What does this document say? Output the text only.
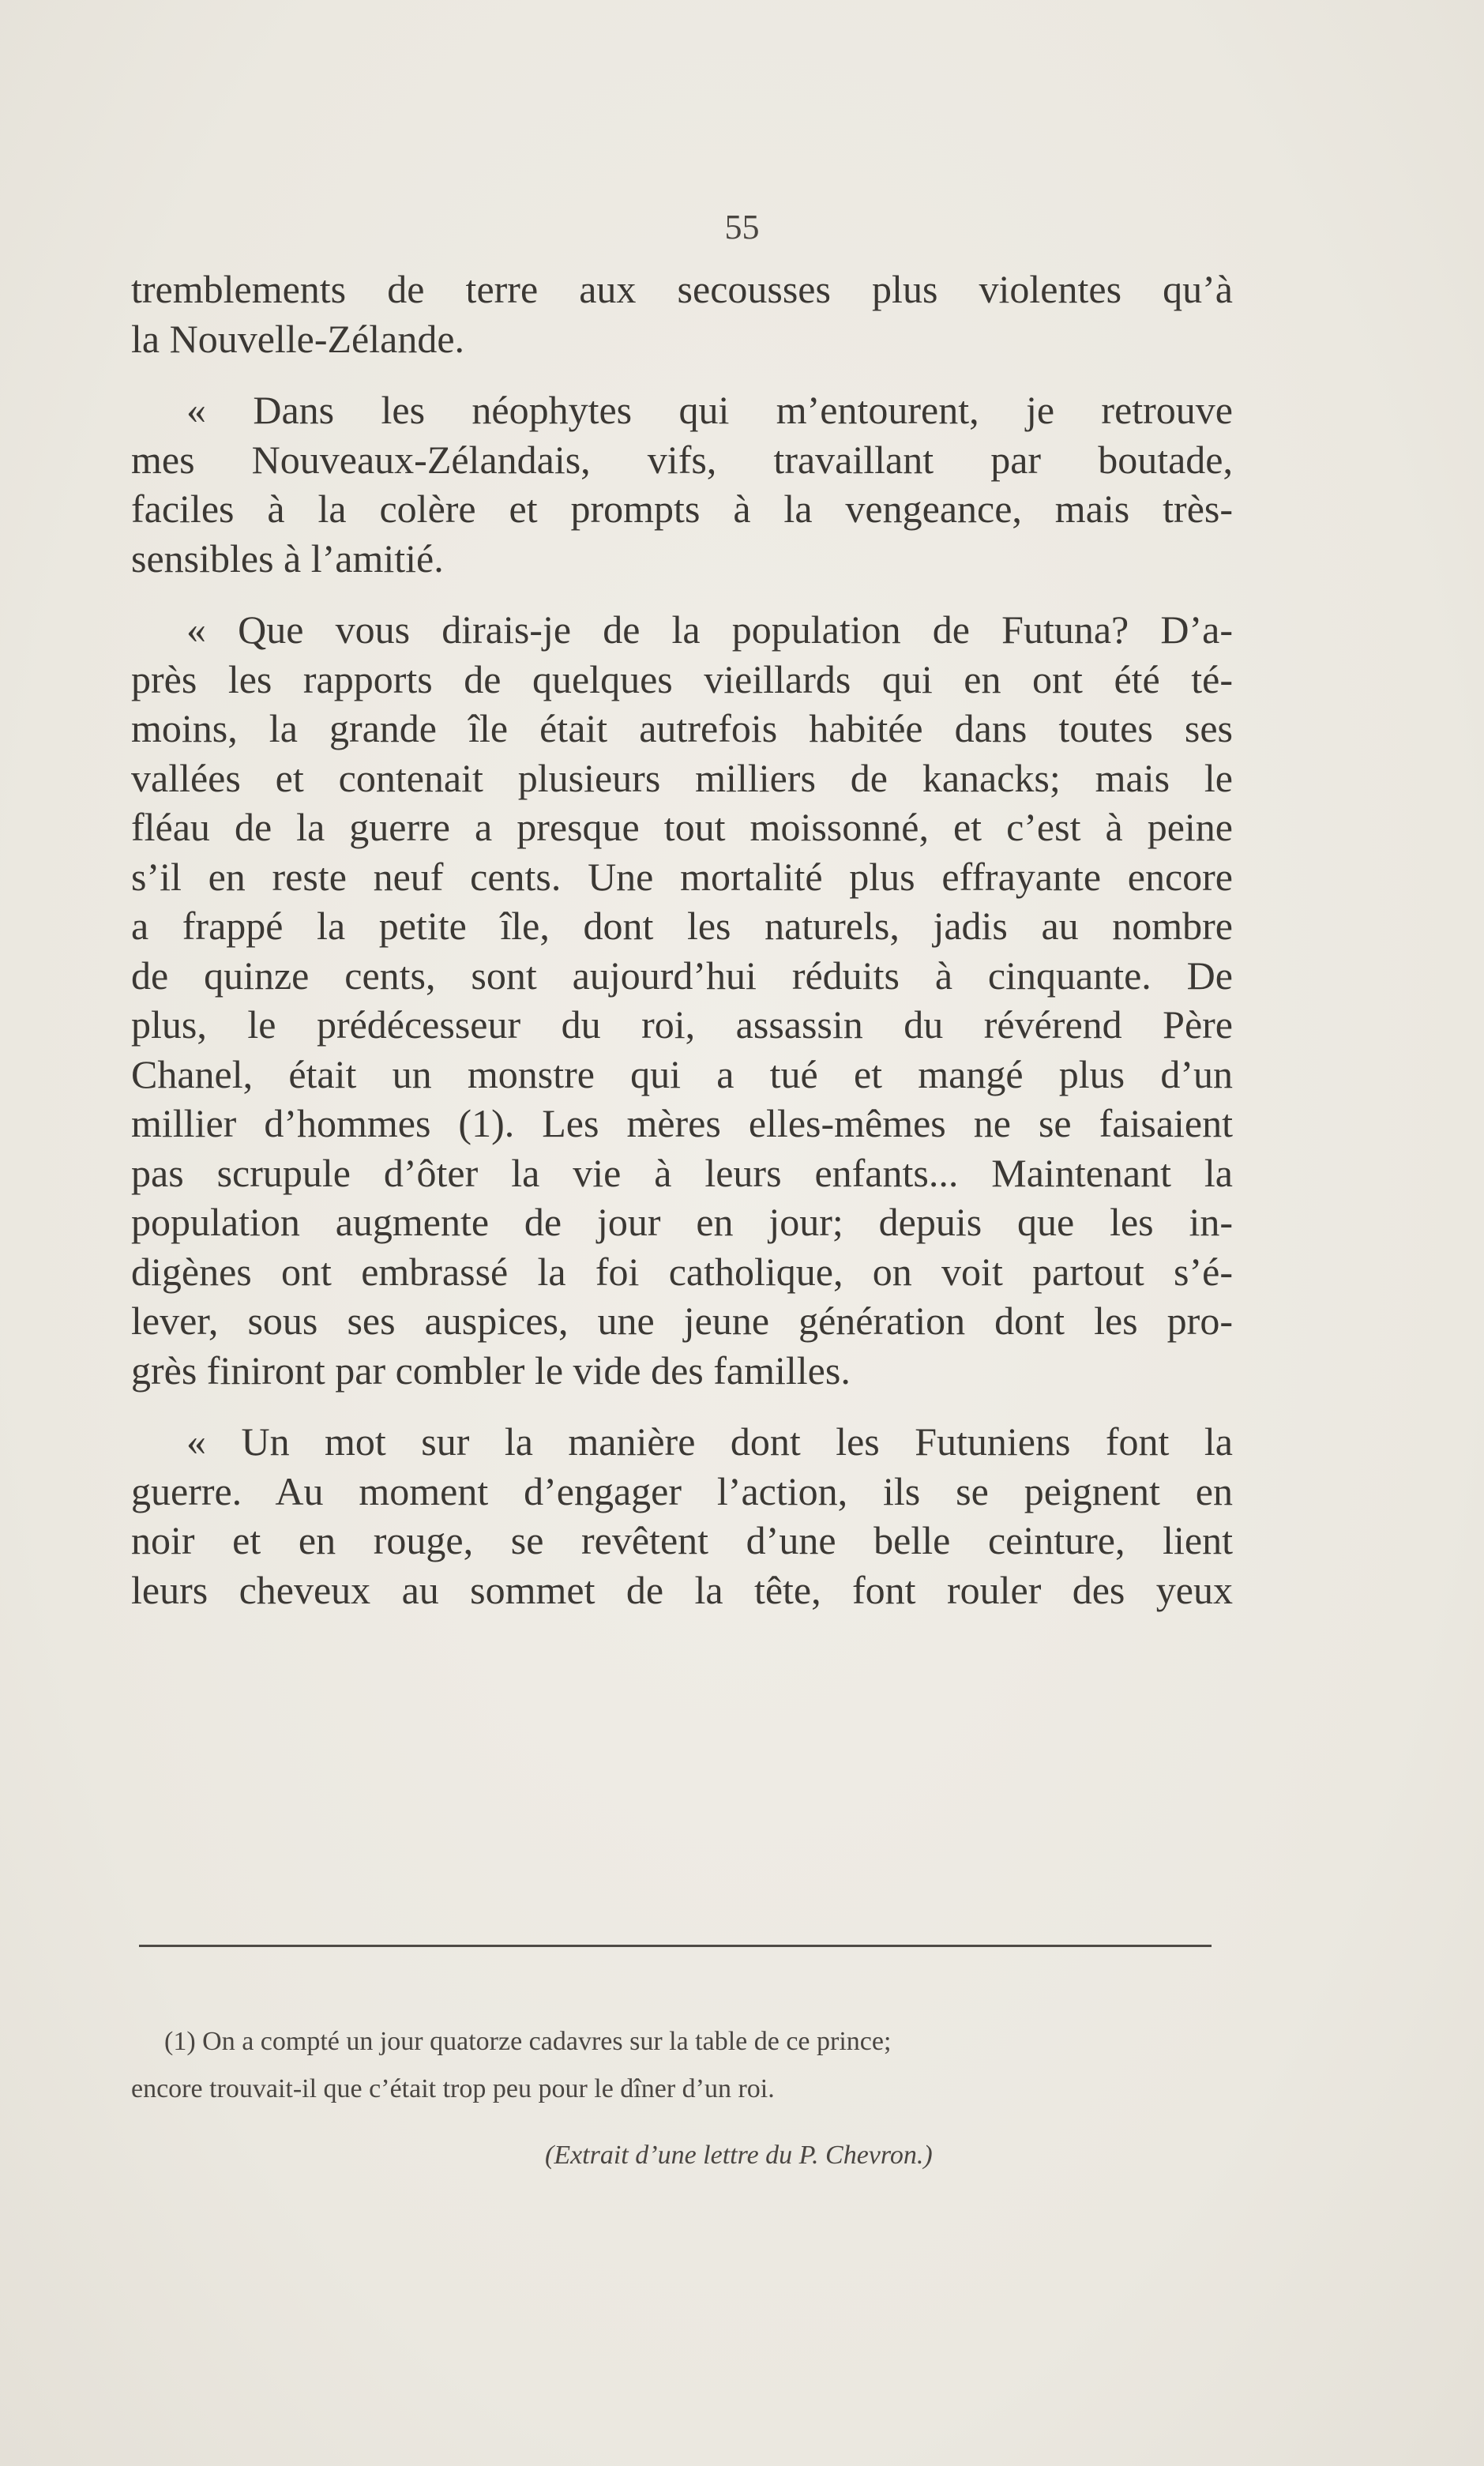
55
tremblements de terre aux secousses plus violentes qu’à
la Nouvelle-Zélande.
« Dans les néophytes qui m’entourent, je retrouve
mes Nouveaux-Zélandais, vifs, travaillant par boutade,
faciles à la colère et prompts à la vengeance, mais très-
sensibles à l’amitié.
« Que vous dirais-je de la population de Futuna? D’a-
près les rapports de quelques vieillards qui en ont été té-
moins, la grande île était autrefois habitée dans toutes ses
vallées et contenait plusieurs milliers de kanacks; mais le
fléau de la guerre a presque tout moissonné, et c’est à peine
s’il en reste neuf cents. Une mortalité plus effrayante encore
a frappé la petite île, dont les naturels, jadis au nombre
de quinze cents, sont aujourd’hui réduits à cinquante. De
plus, le prédécesseur du roi, assassin du révérend Père
Chanel, était un monstre qui a tué et mangé plus d’un
millier d’hommes (1). Les mères elles-mêmes ne se faisaient
pas scrupule d’ôter la vie à leurs enfants... Maintenant la
population augmente de jour en jour; depuis que les in-
digènes ont embrassé la foi catholique, on voit partout s’é-
lever, sous ses auspices, une jeune génération dont les pro-
grès finiront par combler le vide des familles.
« Un mot sur la manière dont les Futuniens font la
guerre. Au moment d’engager l’action, ils se peignent en
noir et en rouge, se revêtent d’une belle ceinture, lient
leurs cheveux au sommet de la tête, font rouler des yeux
(1) On a compté un jour quatorze cadavres sur la table de ce prince;
encore trouvait-il que c’était trop peu pour le dîner d’un roi.
(Extrait d’une lettre du P. Chevron.)
